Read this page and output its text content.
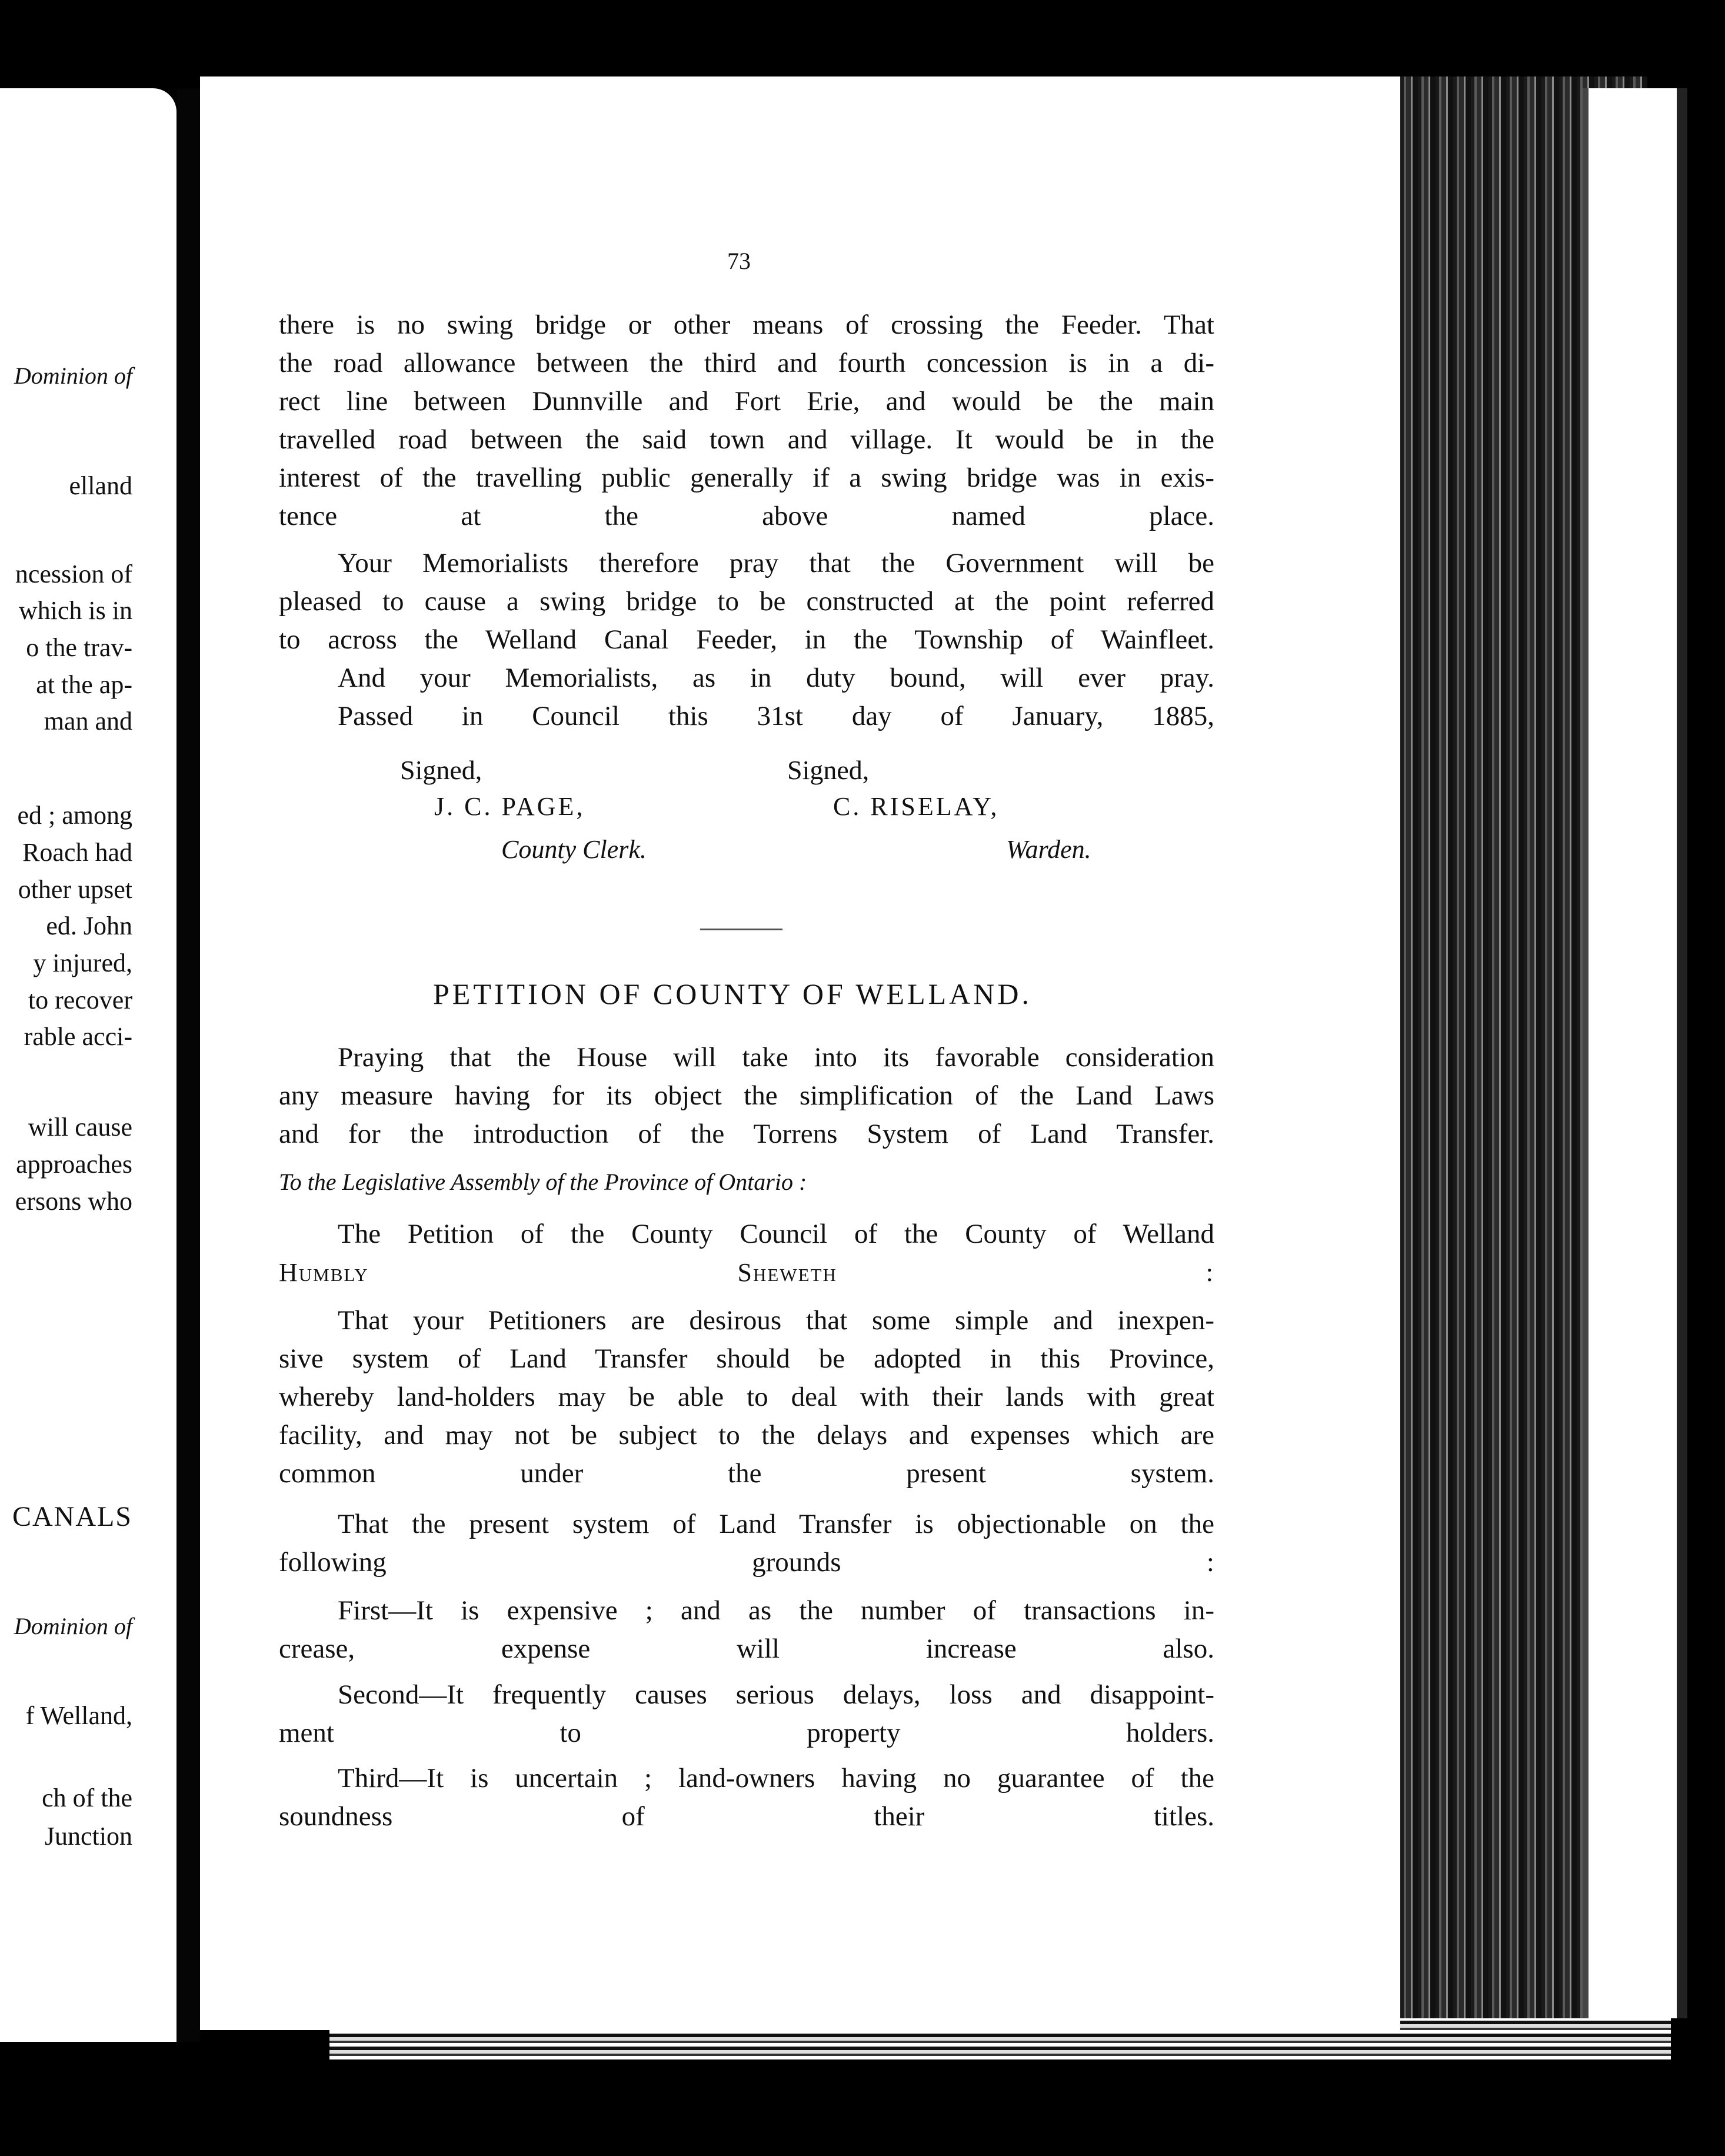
Dominion of
elland
ncession of
which is in
o the trav-
at the ap-
man and
ed ; among
Roach had
other upset
ed. John
y injured,
to recover
rable acci-
will cause
approaches
ersons who
CANALS
Dominion of
f Welland,
ch of the
Junction
73
there is no swing bridge or other means of crossing the Feeder. That
the road allowance between the third and fourth concession is in a di-
rect line between Dunnville and Fort Erie, and would be the main
travelled road between the said town and village. It would be in the
interest of the travelling public generally if a swing bridge was in exis-
tence at the above named place.
Your Memorialists therefore pray that the Government will be
pleased to cause a swing bridge to be constructed at the point referred
to across the Welland Canal Feeder, in the Township of Wainfleet.
And your Memorialists, as in duty bound, will ever pray.
Passed in Council this 31st day of January, 1885,
Signed,
J. C. PAGE,
County Clerk.
Signed,
C. RISELAY,
Warden.
PETITION OF COUNTY OF WELLAND.
Praying that the House will take into its favorable consideration
any measure having for its object the simplification of the Land Laws
and for the introduction of the Torrens System of Land Transfer.
To the Legislative Assembly of the Province of Ontario :
The Petition of the County Council of the County of Welland
Humbly Sheweth :
That your Petitioners are desirous that some simple and inexpen-
sive system of Land Transfer should be adopted in this Province,
whereby land-holders may be able to deal with their lands with great
facility, and may not be subject to the delays and expenses which are
common under the present system.
That the present system of Land Transfer is objectionable on the
following grounds :
First—It is expensive ; and as the number of transactions in-
crease, expense will increase also.
Second—It frequently causes serious delays, loss and disappoint-
ment to property holders.
Third—It is uncertain ; land-owners having no guarantee of the
soundness of their titles.
